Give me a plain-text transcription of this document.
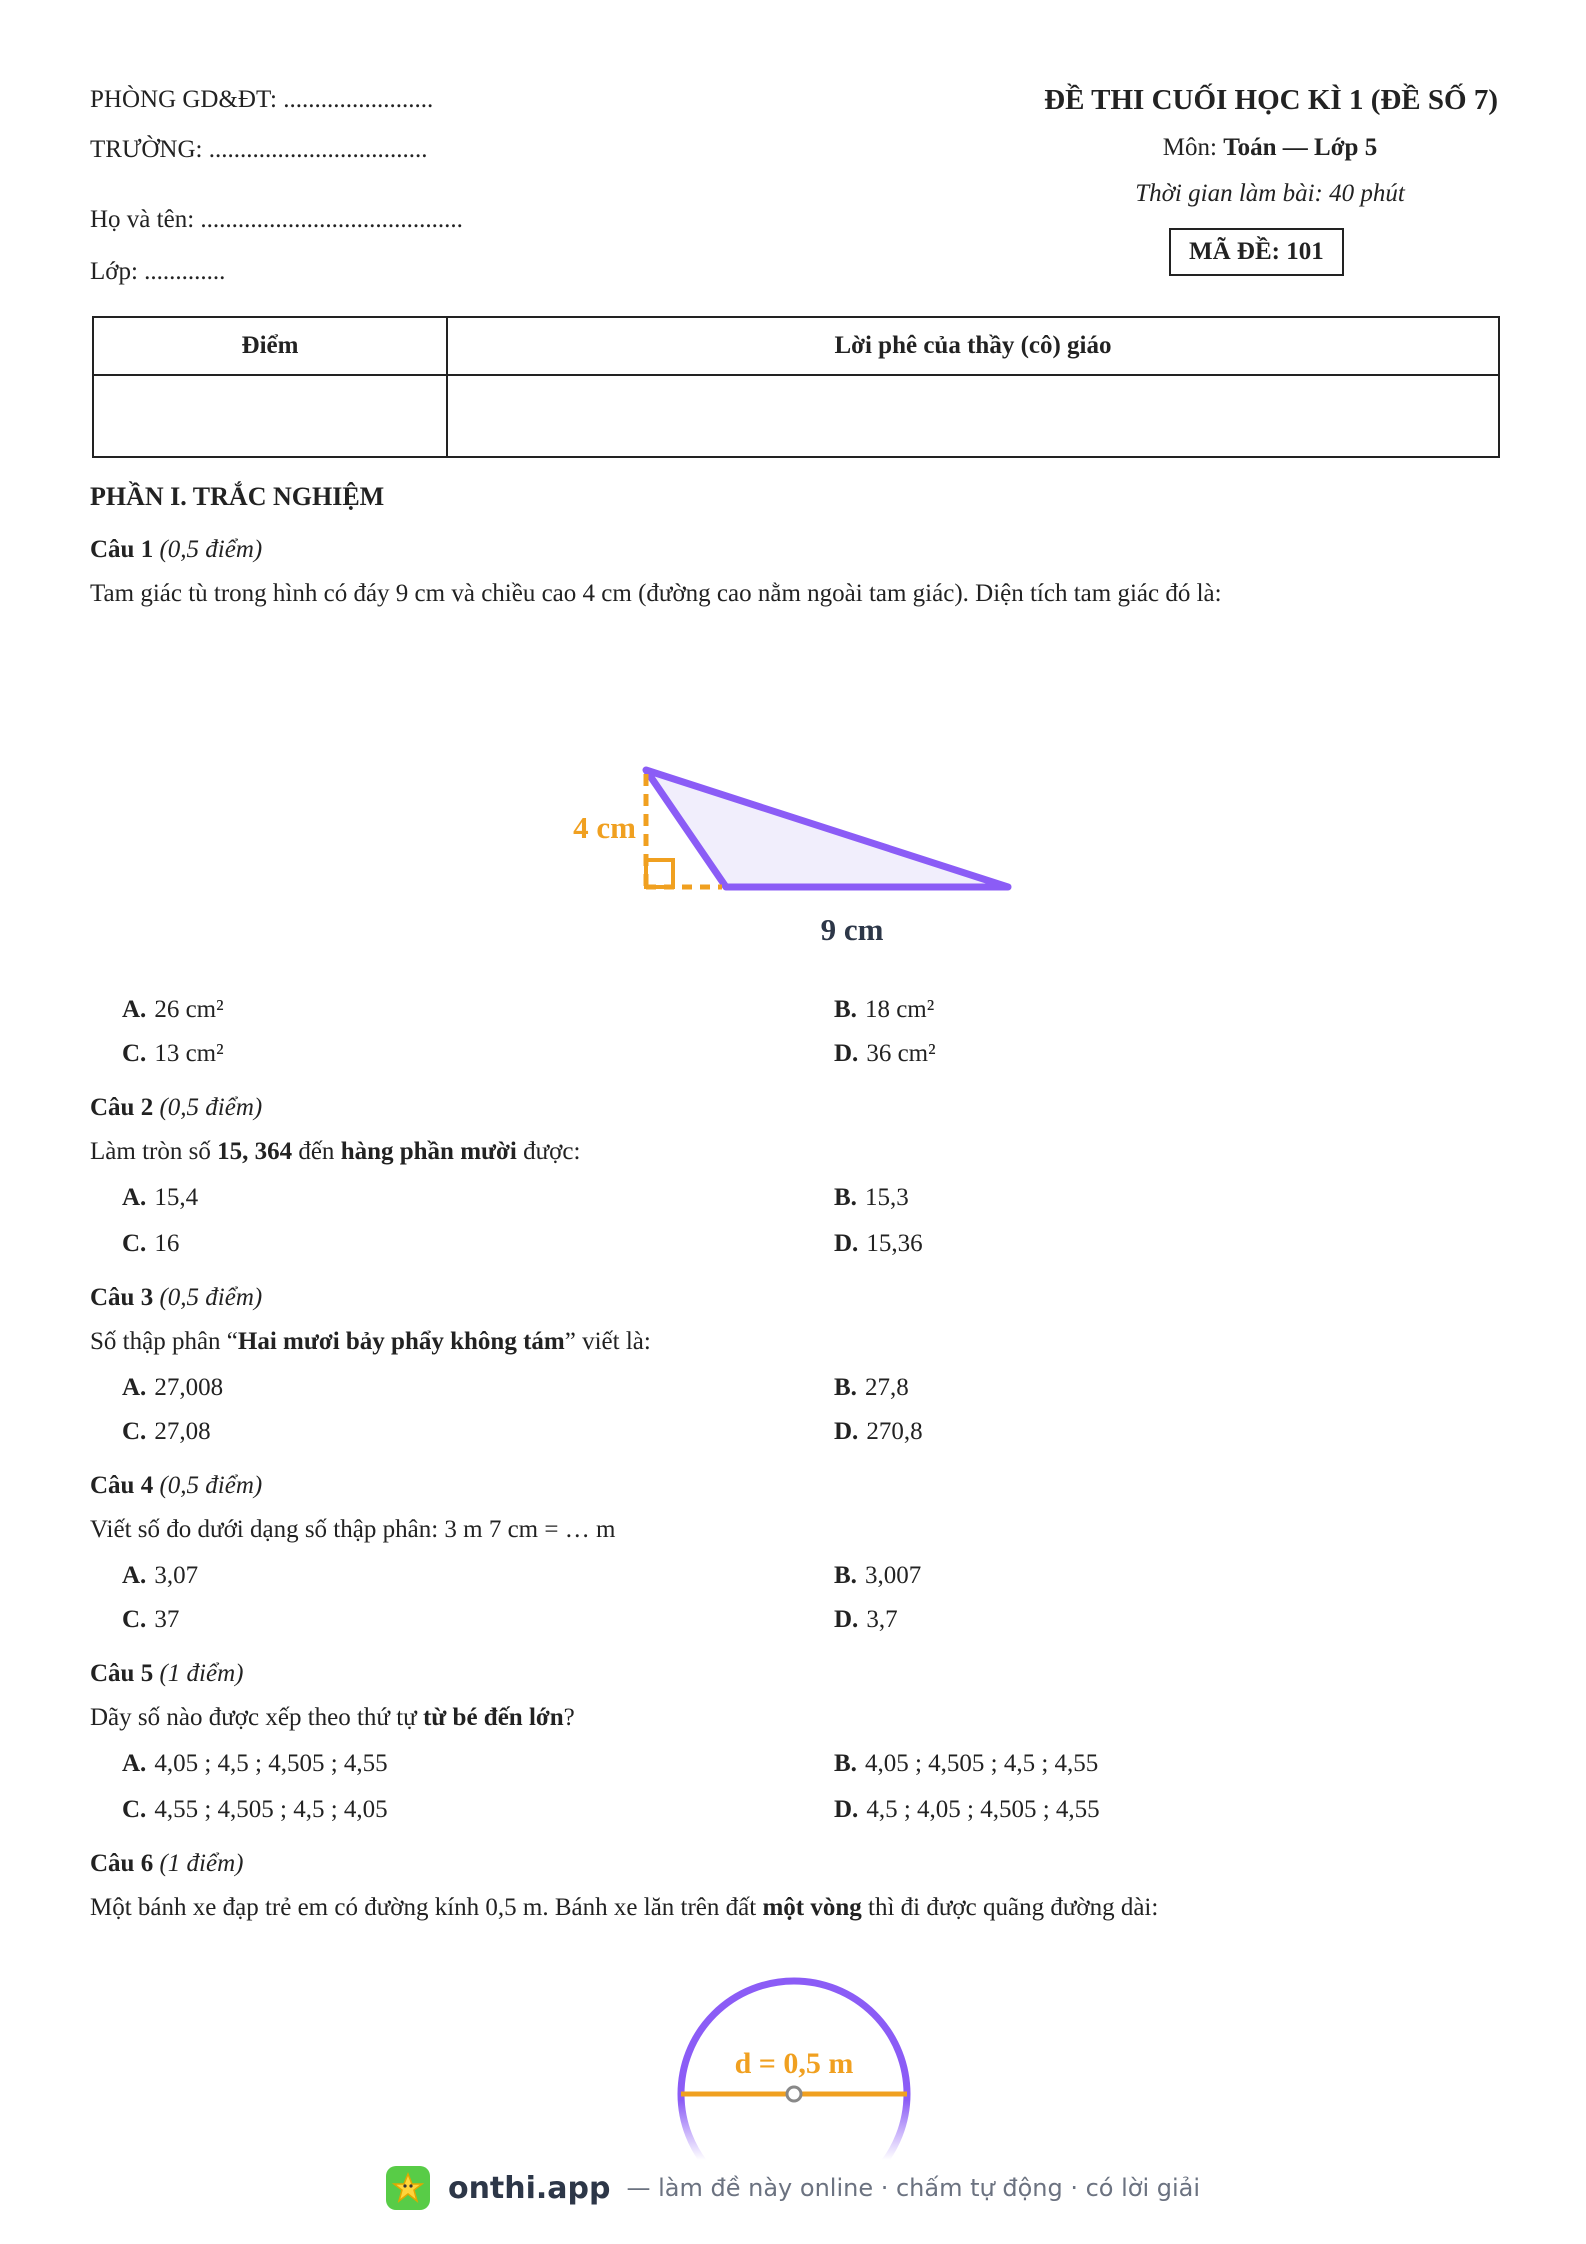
PHÒNG GD&ĐT: ........................
TRƯỜNG: ...................................
Họ và tên: ..........................................
Lớp: .............
ĐỀ THI CUỐI HỌC KÌ 1 (ĐỀ SỐ 7)
Môn: Toán — Lớp 5
Thời gian làm bài: 40 phút
MÃ ĐỀ: 101
Điểm	Lời phê của thầy (cô) giáo

PHẦN I. TRẮC NGHIỆM
Câu 1 (0,5 điểm)
Tam giác tù trong hình có đáy 9 cm và chiều cao 4 cm (đường cao nằm ngoài tam giác). Diện tích tam giác đó là:
4 cm
9 cm
A. 26 cm²	B. 18 cm²
C. 13 cm²	D. 36 cm²
Câu 2 (0,5 điểm)
Làm tròn số 15, 364 đến hàng phần mười được:
A. 15,4	B. 15,3
C. 16	D. 15,36
Câu 3 (0,5 điểm)
Số thập phân “Hai mươi bảy phẩy không tám” viết là:
A. 27,008	B. 27,8
C. 27,08	D. 270,8
Câu 4 (0,5 điểm)
Viết số đo dưới dạng số thập phân: 3 m 7 cm = … m
A. 3,07	B. 3,007
C. 37	D. 3,7
Câu 5 (1 điểm)
Dãy số nào được xếp theo thứ tự từ bé đến lớn?
A. 4,05 ; 4,5 ; 4,505 ; 4,55	B. 4,05 ; 4,505 ; 4,5 ; 4,55
C. 4,55 ; 4,505 ; 4,5 ; 4,05	D. 4,5 ; 4,05 ; 4,505 ; 4,55
Câu 6 (1 điểm)
Một bánh xe đạp trẻ em có đường kính 0,5 m. Bánh xe lăn trên đất một vòng thì đi được quãng đường dài:
d = 0,5 m
onthi.app — làm đề này online · chấm tự động · có lời giải
